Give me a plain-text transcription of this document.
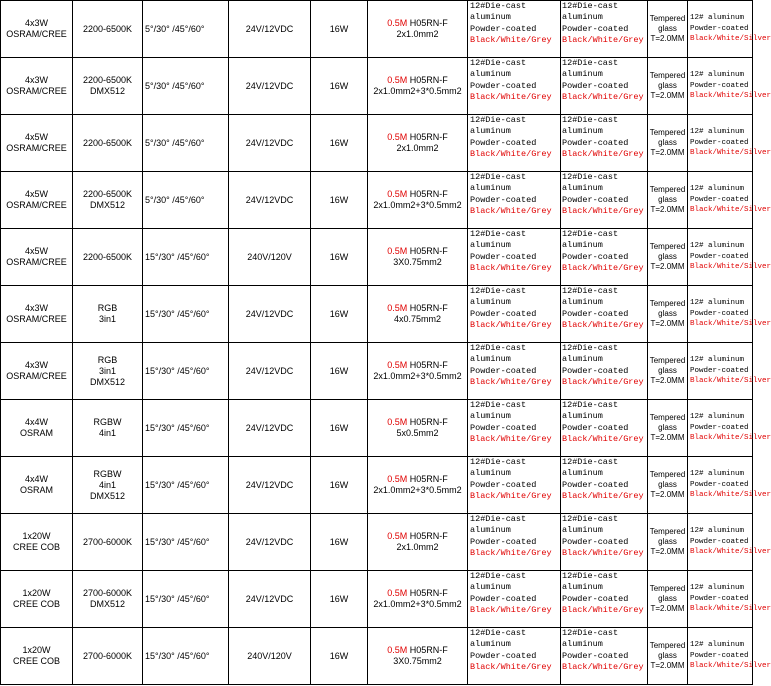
4x3W
OSRAM/CREE	2200-6500K	5°/30° /45°/60°	24V/12VDC	16W	0.5M H05RN-F
2x1.0mm2	12#Die-cast
aluminum
Powder-coated
Black/White/Grey	12#Die-cast
aluminum
Powder-coated
Black/White/Grey	Tempered
glass
T=2.0MM	12# aluminum
Powder-coated
Black/White/Silver

4x3W
OSRAM/CREE	2200-6500K
DMX512	5°/30° /45°/60°	24V/12VDC	16W	0.5M H05RN-F
2x1.0mm2+3*0.5mm2	12#Die-cast
aluminum
Powder-coated
Black/White/Grey	12#Die-cast
aluminum
Powder-coated
Black/White/Grey	Tempered
glass
T=2.0MM	12# aluminum
Powder-coated
Black/White/Silver

4x5W
OSRAM/CREE	2200-6500K	5°/30° /45°/60°	24V/12VDC	16W	0.5M H05RN-F
2x1.0mm2	12#Die-cast
aluminum
Powder-coated
Black/White/Grey	12#Die-cast
aluminum
Powder-coated
Black/White/Grey	Tempered
glass
T=2.0MM	12# aluminum
Powder-coated
Black/White/Silver

4x5W
OSRAM/CREE	2200-6500K
DMX512	5°/30° /45°/60°	24V/12VDC	16W	0.5M H05RN-F
2x1.0mm2+3*0.5mm2	12#Die-cast
aluminum
Powder-coated
Black/White/Grey	12#Die-cast
aluminum
Powder-coated
Black/White/Grey	Tempered
glass
T=2.0MM	12# aluminum
Powder-coated
Black/White/Silver

4x5W
OSRAM/CREE	2200-6500K	15°/30° /45°/60°	240V/120V	16W	0.5M H05RN-F
3X0.75mm2	12#Die-cast
aluminum
Powder-coated
Black/White/Grey	12#Die-cast
aluminum
Powder-coated
Black/White/Grey	Tempered
glass
T=2.0MM	12# aluminum
Powder-coated
Black/White/Silver

4x3W
OSRAM/CREE	RGB
3in1	15°/30° /45°/60°	24V/12VDC	16W	0.5M H05RN-F
4x0.75mm2	12#Die-cast
aluminum
Powder-coated
Black/White/Grey	12#Die-cast
aluminum
Powder-coated
Black/White/Grey	Tempered
glass
T=2.0MM	12# aluminum
Powder-coated
Black/White/Silver

4x3W
OSRAM/CREE	RGB
3in1
DMX512	15°/30° /45°/60°	24V/12VDC	16W	0.5M H05RN-F
2x1.0mm2+3*0.5mm2	12#Die-cast
aluminum
Powder-coated
Black/White/Grey	12#Die-cast
aluminum
Powder-coated
Black/White/Grey	Tempered
glass
T=2.0MM	12# aluminum
Powder-coated
Black/White/Silver

4x4W
OSRAM	RGBW
4in1	15°/30° /45°/60°	24V/12VDC	16W	0.5M H05RN-F
5x0.5mm2	12#Die-cast
aluminum
Powder-coated
Black/White/Grey	12#Die-cast
aluminum
Powder-coated
Black/White/Grey	Tempered
glass
T=2.0MM	12# aluminum
Powder-coated
Black/White/Silver

4x4W
OSRAM	RGBW
4in1
DMX512	15°/30° /45°/60°	24V/12VDC	16W	0.5M H05RN-F
2x1.0mm2+3*0.5mm2	12#Die-cast
aluminum
Powder-coated
Black/White/Grey	12#Die-cast
aluminum
Powder-coated
Black/White/Grey	Tempered
glass
T=2.0MM	12# aluminum
Powder-coated
Black/White/Silver

1x20W
CREE COB	2700-6000K	15°/30° /45°/60°	24V/12VDC	16W	0.5M H05RN-F
2x1.0mm2	12#Die-cast
aluminum
Powder-coated
Black/White/Grey	12#Die-cast
aluminum
Powder-coated
Black/White/Grey	Tempered
glass
T=2.0MM	12# aluminum
Powder-coated
Black/White/Silver

1x20W
CREE COB	2700-6000K
DMX512	15°/30° /45°/60°	24V/12VDC	16W	0.5M H05RN-F
2x1.0mm2+3*0.5mm2	12#Die-cast
aluminum
Powder-coated
Black/White/Grey	12#Die-cast
aluminum
Powder-coated
Black/White/Grey	Tempered
glass
T=2.0MM	12# aluminum
Powder-coated
Black/White/Silver

1x20W
CREE COB	2700-6000K	15°/30° /45°/60°	240V/120V	16W	0.5M H05RN-F
3X0.75mm2	12#Die-cast
aluminum
Powder-coated
Black/White/Grey	12#Die-cast
aluminum
Powder-coated
Black/White/Grey	Tempered
glass
T=2.0MM	12# aluminum
Powder-coated
Black/White/Silver
